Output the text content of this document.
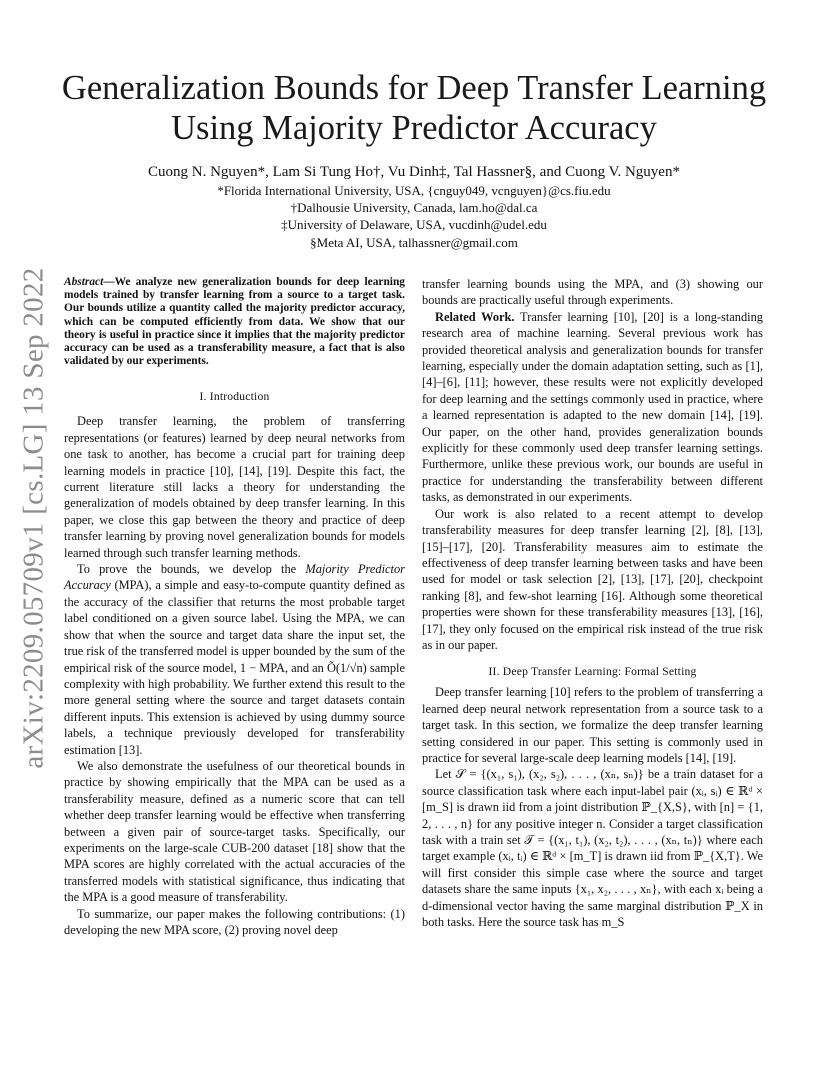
arXiv:2209.05709v1 [cs.LG] 13 Sep 2022
Generalization Bounds for Deep Transfer Learning
Using Majority Predictor Accuracy
Cuong N. Nguyen*, Lam Si Tung Ho†, Vu Dinh‡, Tal Hassner§, and Cuong V. Nguyen*
*Florida International University, USA, {cnguy049, vcnguyen}@cs.fiu.edu
†Dalhousie University, Canada, lam.ho@dal.ca
‡University of Delaware, USA, vucdinh@udel.edu
§Meta AI, USA, talhassner@gmail.com
Abstract—We analyze new generalization bounds for deep learning models trained by transfer learning from a source to a target task. Our bounds utilize a quantity called the majority predictor accuracy, which can be computed efficiently from data. We show that our theory is useful in practice since it implies that the majority predictor accuracy can be used as a transferability measure, a fact that is also validated by our experiments.
I. Introduction

Deep transfer learning, the problem of transferring representations (or features) learned by deep neural networks from one task to another, has become a crucial part for training deep learning models in practice [10], [14], [19]. Despite this fact, the current literature still lacks a theory for understanding the generalization of models obtained by deep transfer learning. In this paper, we close this gap between the theory and practice of deep transfer learning by proving novel generalization bounds for models learned through such transfer learning methods.

To prove the bounds, we develop the Majority Predictor Accuracy (MPA), a simple and easy-to-compute quantity defined as the accuracy of the classifier that returns the most probable target label conditioned on a given source label. Using the MPA, we can show that when the source and target data share the input set, the true risk of the transferred model is upper bounded by the sum of the empirical risk of the source model, 1 − MPA, and an Õ(1/√n) sample complexity with high probability. We further extend this result to the more general setting where the source and target datasets contain different inputs. This extension is achieved by using dummy source labels, a technique previously developed for transferability estimation [13].

We also demonstrate the usefulness of our theoretical bounds in practice by showing empirically that the MPA can be used as a transferability measure, defined as a numeric score that can tell whether deep transfer learning would be effective when transferring between a given pair of source-target tasks. Specifically, our experiments on the large-scale CUB-200 dataset [18] show that the MPA scores are highly correlated with the actual accuracies of the transferred models with statistical significance, thus indicating that the MPA is a good measure of transferability.

To summarize, our paper makes the following contributions: (1) developing the new MPA score, (2) proving novel deep

transfer learning bounds using the MPA, and (3) showing our bounds are practically useful through experiments.

Related Work. Transfer learning [10], [20] is a long-standing research area of machine learning. Several previous work has provided theoretical analysis and generalization bounds for transfer learning, especially under the domain adaptation setting, such as [1], [4]–[6], [11]; however, these results were not explicitly developed for deep learning and the settings commonly used in practice, where a learned representation is adapted to the new domain [14], [19]. Our paper, on the other hand, provides generalization bounds explicitly for these commonly used deep transfer learning settings. Furthermore, unlike these previous work, our bounds are useful in practice for understanding the transferability between different tasks, as demonstrated in our experiments.

Our work is also related to a recent attempt to develop transferability measures for deep transfer learning [2], [8], [13], [15]–[17], [20]. Transferability measures aim to estimate the effectiveness of deep transfer learning between tasks and have been used for model or task selection [2], [13], [17], [20], checkpoint ranking [8], and few-shot learning [16]. Although some theoretical properties were shown for these transferability measures [13], [16], [17], they only focused on the empirical risk instead of the true risk as in our paper.

II. Deep Transfer Learning: Formal Setting

Deep transfer learning [10] refers to the problem of transferring a learned deep neural network representation from a source task to a target task. In this section, we formalize the deep transfer learning setting considered in our paper. This setting is commonly used in practice for several large-scale deep learning models [14], [19].

Let 𝒮 = {(x₁, s₁), (x₂, s₂), . . . , (xₙ, sₙ)} be a train dataset for a source classification task where each input-label pair (xᵢ, sᵢ) ∈ ℝᵈ × [m_S] is drawn iid from a joint distribution ℙ_{X,S}, with [n] = {1, 2, . . . , n} for any positive integer n. Consider a target classification task with a train set 𝒯 = {(x₁, t₁), (x₂, t₂), . . . , (xₙ, tₙ)} where each target example (xᵢ, tᵢ) ∈ ℝᵈ × [m_T] is drawn iid from ℙ_{X,T}. We will first consider this simple case where the source and target datasets share the same inputs {x₁, x₂, . . . , xₙ}, with each xᵢ being a d-dimensional vector having the same marginal distribution ℙ_X in both tasks. Here the source task has m_S
